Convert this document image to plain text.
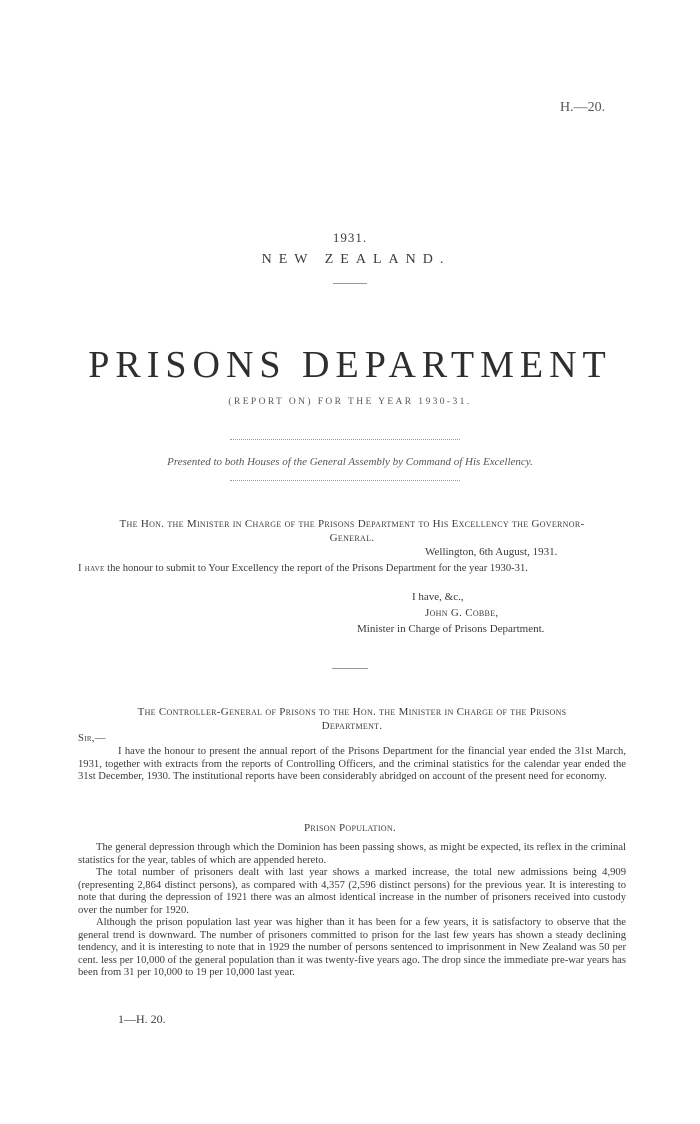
H.—20.
1931.
NEW ZEALAND.
PRISONS DEPARTMENT
(REPORT ON) FOR THE YEAR 1930-31.
Presented to both Houses of the General Assembly by Command of His Excellency.
The Hon. the Minister in Charge of the Prisons Department to His Excellency the Governor-
General.
Wellington, 6th August, 1931.

I have the honour to submit to Your Excellency the report of the Prisons Department for the year 1930-31.

I have, &c.,
John G. Cobbe,
Minister in Charge of Prisons Department.
The Controller-General of Prisons to the Hon. the Minister in Charge of the Prisons
Department.
Sir,—

I have the honour to present the annual report of the Prisons Department for the financial year ended the 31st March, 1931, together with extracts from the reports of Controlling Officers, and the criminal statistics for the calendar year ended the 31st December, 1930. The institutional reports have been considerably abridged on account of the present need for economy.

Prison Population.

The general depression through which the Dominion has been passing shows, as might be expected, its reflex in the criminal statistics for the year, tables of which are appended hereto.

The total number of prisoners dealt with last year shows a marked increase, the total new admissions being 4,909 (representing 2,864 distinct persons), as compared with 4,357 (2,596 distinct persons) for the previous year. It is interesting to note that during the depression of 1921 there was an almost identical increase in the number of prisoners received into custody over the number for 1920.

Although the prison population last year was higher than it has been for a few years, it is satisfactory to observe that the general trend is downward. The number of prisoners committed to prison for the last few years has shown a steady declining tendency, and it is interesting to note that in 1929 the number of persons sentenced to imprisonment in New Zealand was 50 per cent. less per 10,000 of the general population than it was twenty-five years ago. The drop since the immediate pre-war years has been from 31 per 10,000 to 19 per 10,000 last year.

1—H. 20.
